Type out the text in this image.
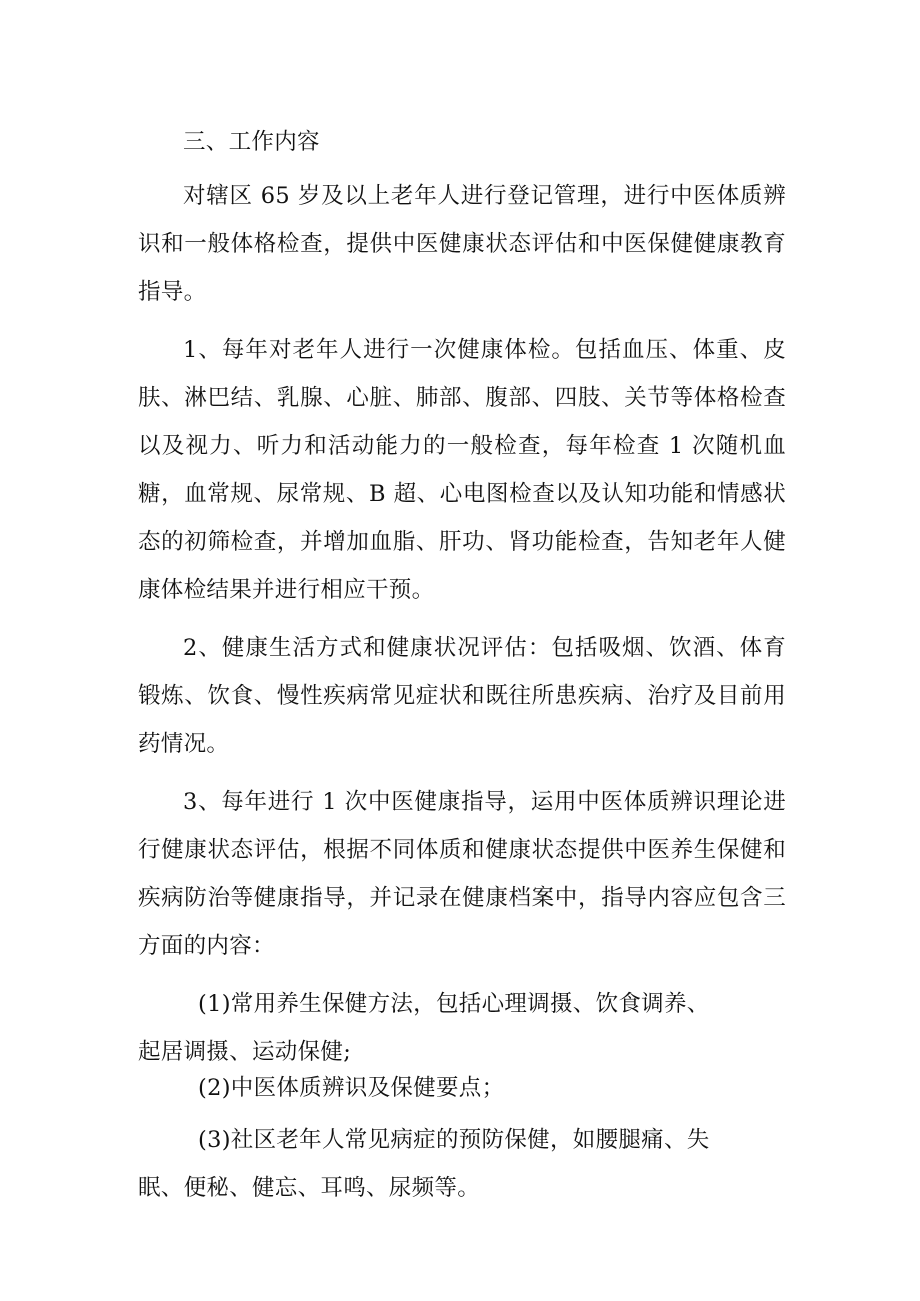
三、工作内容

对辖区 65 岁及以上老年人进行登记管理，进行中医体质辨识和一般体格检查，提供中医健康状态评估和中医保健健康教育指导。

1、每年对老年人进行一次健康体检。包括血压、体重、皮肤、淋巴结、乳腺、心脏、肺部、腹部、四肢、关节等体格检查以及视力、听力和活动能力的一般检查，每年检查 1 次随机血糖，血常规、尿常规、B 超、心电图检查以及认知功能和情感状态的初筛检查，并增加血脂、肝功、肾功能检查，告知老年人健康体检结果并进行相应干预。

2、健康生活方式和健康状况评估：包括吸烟、饮酒、体育锻炼、饮食、慢性疾病常见症状和既往所患疾病、治疗及目前用药情况。

3、每年进行 1 次中医健康指导，运用中医体质辨识理论进行健康状态评估，根据不同体质和健康状态提供中医养生保健和疾病防治等健康指导，并记录在健康档案中，指导内容应包含三方面的内容：

(1)常用养生保健方法，包括心理调摄、饮食调养、
起居调摄、运动保健;
(2)中医体质辨识及保健要点；
(3)社区老年人常见病症的预防保健，如腰腿痛、失
眠、便秘、健忘、耳鸣、尿频等。
